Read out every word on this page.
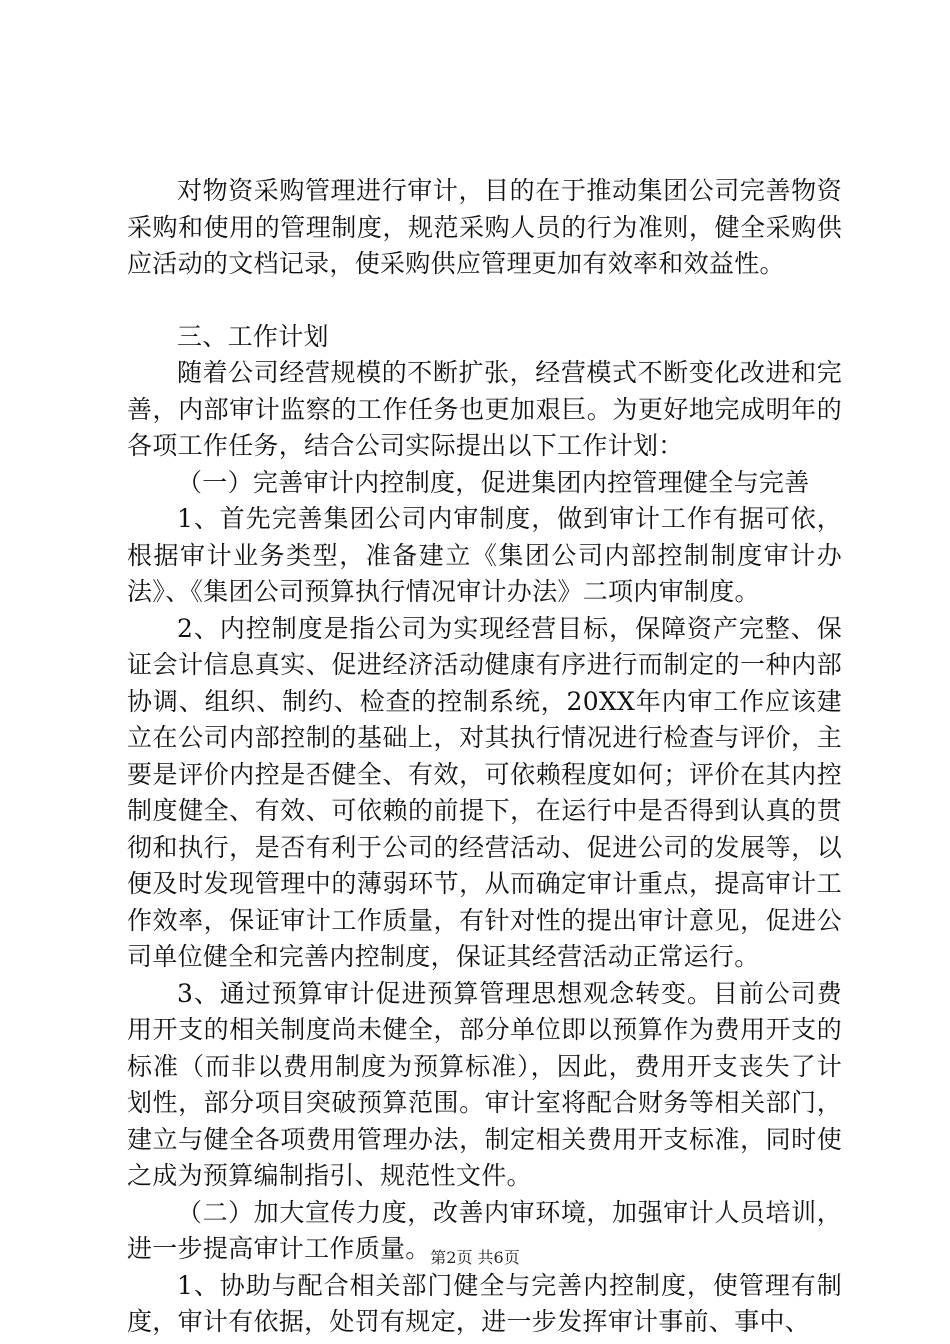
对物资采购管理进行审计，目的在于推动集团公司完善物资采购和使用的管理制度，规范采购人员的行为准则，健全采购供应活动的文档记录，使采购供应管理更加有效率和效益性。

三、工作计划

随着公司经营规模的不断扩张，经营模式不断变化改进和完善，内部审计监察的工作任务也更加艰巨。为更好地完成明年的各项工作任务，结合公司实际提出以下工作计划：

（一）完善审计内控制度，促进集团内控管理健全与完善

1、首先完善集团公司内审制度，做到审计工作有据可依，根据审计业务类型，准备建立《集团公司内部控制制度审计办法》、《集团公司预算执行情况审计办法》二项内审制度。

2、内控制度是指公司为实现经营目标，保障资产完整、保证会计信息真实、促进经济活动健康有序进行而制定的一种内部协调、组织、制约、检查的控制系统，20XX年内审工作应该建立在公司内部控制的基础上，对其执行情况进行检查与评价，主要是评价内控是否健全、有效，可依赖程度如何；评价在其内控制度健全、有效、可依赖的前提下，在运行中是否得到认真的贯彻和执行，是否有利于公司的经营活动、促进公司的发展等，以便及时发现管理中的薄弱环节，从而确定审计重点，提高审计工作效率，保证审计工作质量，有针对性的提出审计意见，促进公司单位健全和完善内控制度，保证其经营活动正常运行。

3、通过预算审计促进预算管理思想观念转变。目前公司费用开支的相关制度尚未健全，部分单位即以预算作为费用开支的标准（而非以费用制度为预算标准），因此，费用开支丧失了计划性，部分项目突破预算范围。审计室将配合财务等相关部门，建立与健全各项费用管理办法，制定相关费用开支标准，同时使之成为预算编制指引、规范性文件。

（二）加大宣传力度，改善内审环境，加强审计人员培训，进一步提高审计工作质量。

1、协助与配合相关部门健全与完善内控制度，使管理有制度，审计有依据，处罚有规定，进一步发挥审计事前、事中、

第2页 共6页
